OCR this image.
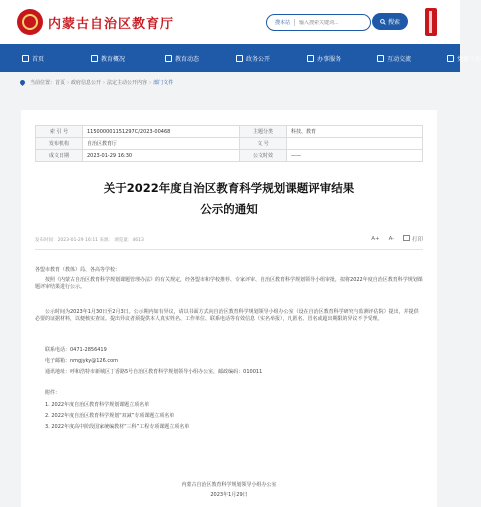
内蒙古自治区教育厅	搜本站
输入搜索关键词...	搜索
首页	教育概况	教育动态	政务公开	办事服务	互动交流	党建工作
当前位置： 首页 › 政府信息公开 › 法定主动公开内容 › 部门文件
索 引 号	115000001151297C/2023-00468	主题分类	科技、教育
发布机构	自治区教育厅	文 号	
成文日期	2023-01-29 16:30	公文时效	——
关于2022年度自治区教育科学规划课题评审结果
公示的通知
发布时间：2023-01-29 16:11 来源： 浏览量：4613	A+ A-	打印
各盟市教育（教体）局、各高等学校：
按照《内蒙古自治区教育科学规划课题管理办法》的有关规定，经各盟市和学校推荐、专家评审、自治区教育科学规划领导小组审批，拟将2022年度自治区教育科学规划课题评审结果进行公示。
公示时间为2023年1月30日至2月3日。公示期内如有异议，请以书面方式向自治区教育科学规划领导小组办公室（设在自治区教育科学研究与监测评估院）提出，并提供必要的证据材料，以便核实查证。提出异议者须提供本人真实姓名、工作单位、联系电话等有效信息（实名举报），凡匿名、冒名或超出期限的异议不予受理。
联系电话：0471-2856419
电子邮箱：nmgjyky@126.com
通讯地址：呼和浩特市新城区丁香路5号自治区教育科学规划领导小组办公室，邮政编码：010011
附件：
1. 2022年度自治区教育科学规划课题立项名单
2. 2022年度自治区教育科学规划“双减”专项课题立项名单
3. 2022年度高中阶段国家统编教材“三科”工程专项课题立项名单
内蒙古自治区教育科学规划领导小组办公室
2023年1月29日
